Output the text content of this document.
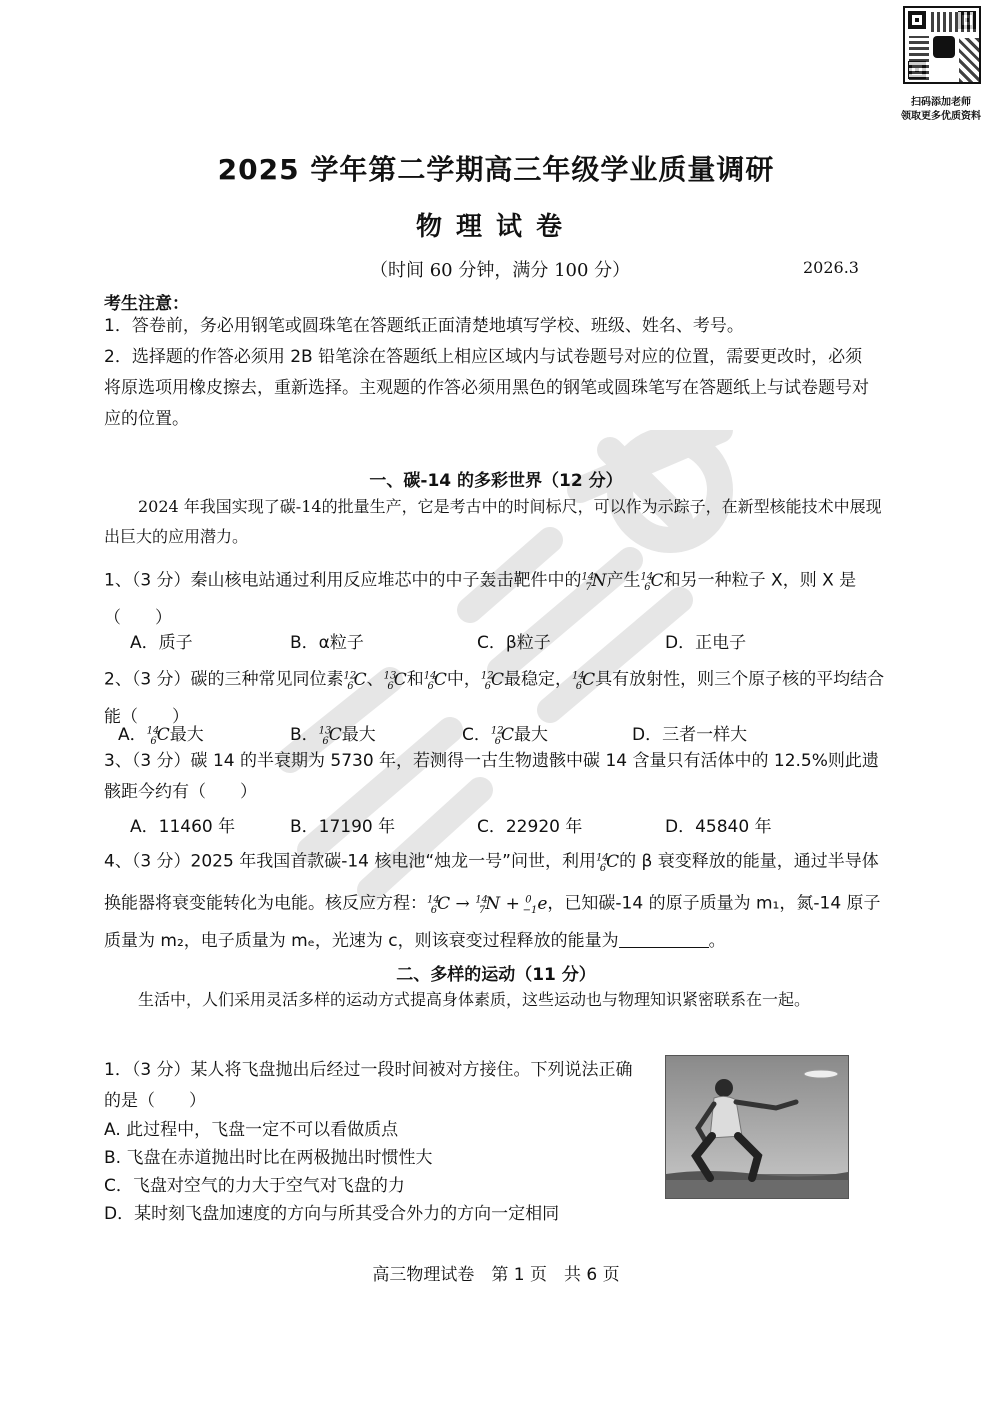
扫码添加老师
领取更多优质资料
2025 学年第二学期高三年级学业质量调研
物理试卷
（时间 60 分钟，满分 100 分）	2026.3
考生注意：
1．答卷前，务必用钢笔或圆珠笔在答题纸正面清楚地填写学校、班级、姓名、考号。
2．选择题的作答必须用 2B 铅笔涂在答题纸上相应区域内与试卷题号对应的位置，需要更改时，必须将原选项用橡皮擦去，重新选择。主观题的作答必须用黑色的钢笔或圆珠笔写在答题纸上与试卷题号对应的位置。
一、碳-14 的多彩世界（12 分）
2024 年我国实现了碳-14的批量生产，它是考古中的时间标尺，可以作为示踪子，在新型核能技术中展现出巨大的应用潜力。
1、（3 分）秦山核电站通过利用反应堆芯中的中子轰击靶件中的$^{14}_7$N产生$^{14}_6$C和另一种粒子 X，则 X 是（　　）
A．质子	B．α粒子	C．β粒子	D．正电子
2、（3 分）碳的三种常见同位素$^{12}_6$C、$^{13}_6$C和$^{14}_6$C中，$^{12}_6$C最稳定，$^{14}_6$C具有放射性，则三个原子核的平均结合能（　　）
A．$^{14}_6$C最大	B．$^{13}_6$C最大	C．$^{12}_6$C最大	D．三者一样大
3、（3 分）碳 14 的半衰期为 5730 年，若测得一古生物遗骸中碳 14 含量只有活体中的 12.5%则此遗骸距今约有（　　）
A．11460 年	B．17190 年	C．22920 年	D．45840 年
4、（3 分）2025 年我国首款碳-14 核电池“烛龙一号”问世，利用$^{14}_6$C的 β 衰变释放的能量，通过半导体换能器将衰变能转化为电能。核反应方程：$^{14}_6$C → $^{14}_7$N + $^0_{-1}$e，已知碳-14 的原子质量为 m₁，氮-14 原子质量为 m₂，电子质量为 mₑ，光速为 c，则该衰变过程释放的能量为	。
二、多样的运动（11 分）
生活中，人们采用灵活多样的运动方式提高身体素质，这些运动也与物理知识紧密联系在一起。
1．（3 分）某人将飞盘抛出后经过一段时间被对方接住。下列说法正确的是（　　）
A. 此过程中，飞盘一定不可以看做质点
B. 飞盘在赤道抛出时比在两极抛出时惯性大
C．飞盘对空气的力大于空气对飞盘的力
D．某时刻飞盘加速度的方向与所其受合外力的方向一定相同
高三物理试卷　第 1 页　共 6 页
